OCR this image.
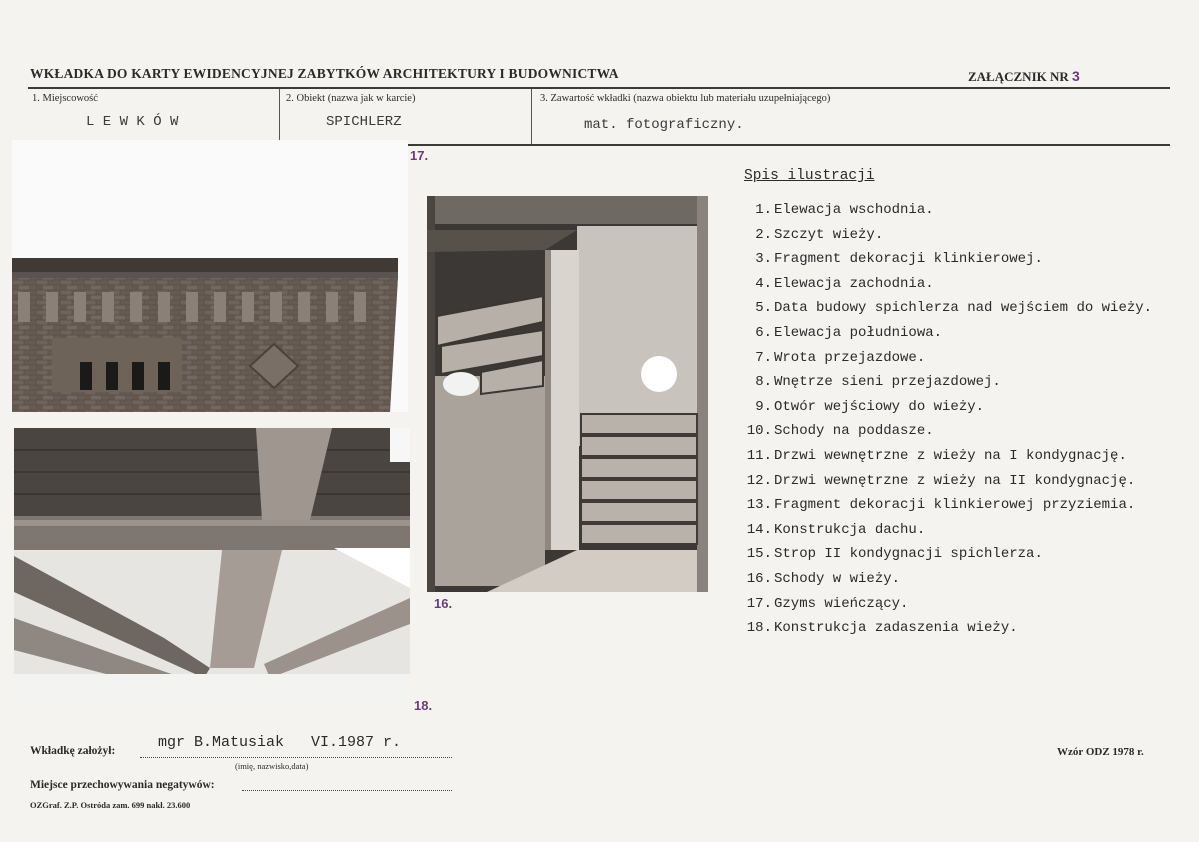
WKŁADKA DO KARTY EWIDENCYJNEJ ZABYTKÓW ARCHITEKTURY I BUDOWNICTWA	ZAŁĄCZNIK NR 3
1. Miejscowość
L E W K Ó W
2. Obiekt (nazwa jak w karcie)
SPICHLERZ
3. Zawartość wkładki (nazwa obiektu lub materiału uzupełniającego)
mat. fotograficzny.
17.
18.
16.
Spis ilustracji
1. Elewacja wschodnia.
2. Szczyt wieży.
3. Fragment dekoracji klinkierowej.
4. Elewacja zachodnia.
5. Data budowy spichlerza nad wejściem do wieży.
6. Elewacja południowa.
7. Wrota przejazdowe.
8. Wnętrze sieni przejazdowej.
9. Otwór wejściowy do wieży.
10. Schody na poddasze.
11. Drzwi wewnętrzne z wieży na I kondygnację.
12. Drzwi wewnętrzne z wieży na II kondygnację.
13. Fragment dekoracji klinkierowej przyziemia.
14. Konstrukcja dachu.
15. Strop II kondygnacji spichlerza.
16. Schody w wieży.
17. Gzyms wieńczący.
18. Konstrukcja zadaszenia wieży.
Wkładkę założył:	mgr B.Matusiak   VI.1987 r.
(imię, nazwisko,data)
Miejsce przechowywania negatywów:
OZGraf. Z.P. Ostróda zam. 699 nakł. 23.600
Wzór ODZ 1978 r.
